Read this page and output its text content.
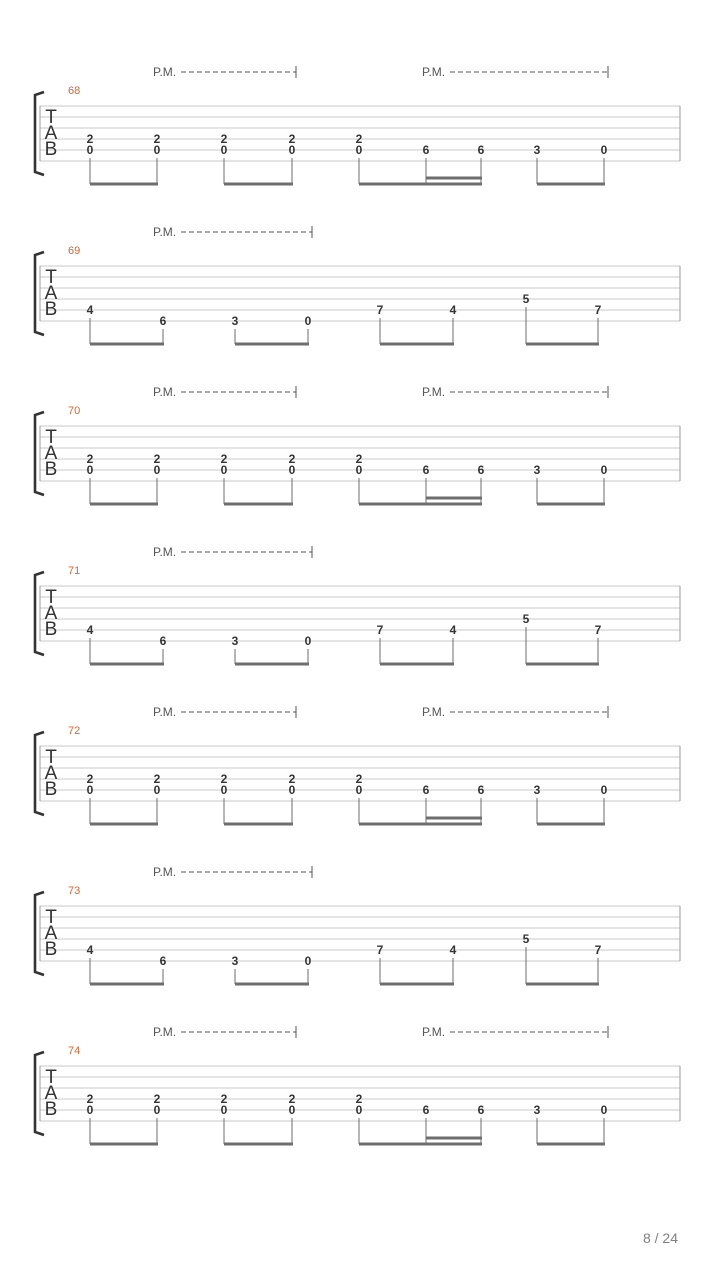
T
A
B
68
P.M.	P.M.
0
2
0
2
0
2
0
2
0
2
6	6	3	0
T
A
B
69
P.M.
4
6	3	0
7	4
5
7
T
A
B
70
P.M.	P.M.
0
2
0
2
0
2
0
2
0
2
6	6	3	0
T
A
B
71
P.M.
4
6	3	0
7	4
5
7
T
A
B
72
P.M.	P.M.
0
2
0
2
0
2
0
2
0
2
6	6	3	0
T
A
B
73
P.M.
4
6	3	0
7	4
5
7
T
A
B
74
P.M.	P.M.
0
2
0
2
0
2
0
2
0
2
6	6	3	0
8 / 24
